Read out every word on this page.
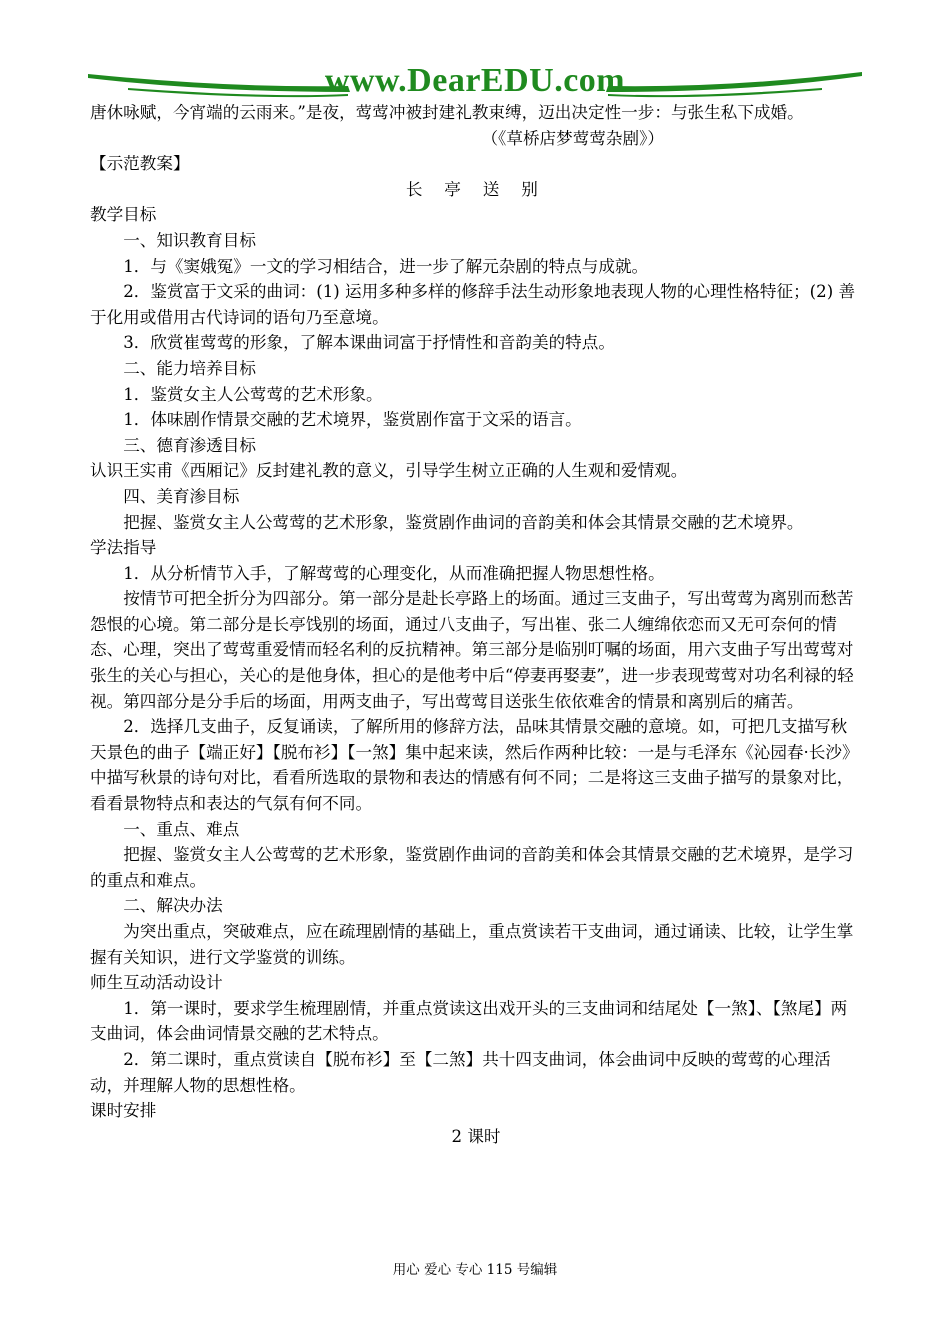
www.DearEDU.com

唐休咏赋，今宵端的云雨来。”是夜，莺莺冲被封建礼教束缚，迈出决定性一步：与张生私下成婚。

（《草桥店梦莺莺杂剧》）

【示范教案】

长 亭 送 别

教学目标

一、知识教育目标

1．与《窦娥冤》一文的学习相结合，进一步了解元杂剧的特点与成就。

2．鉴赏富于文采的曲词：(1) 运用多种多样的修辞手法生动形象地表现人物的心理性格特征；(2) 善于化用或借用古代诗词的语句乃至意境。

3．欣赏崔莺莺的形象，了解本课曲词富于抒情性和音韵美的特点。

二、能力培养目标

1．鉴赏女主人公莺莺的艺术形象。

1．体味剧作情景交融的艺术境界，鉴赏剧作富于文采的语言。

三、德育渗透目标

认识王实甫《西厢记》反封建礼教的意义，引导学生树立正确的人生观和爱情观。

四、美育渗目标

把握、鉴赏女主人公莺莺的艺术形象，鉴赏剧作曲词的音韵美和体会其情景交融的艺术境界。

学法指导

1．从分析情节入手，了解莺莺的心理变化，从而准确把握人物思想性格。

按情节可把全折分为四部分。第一部分是赴长亭路上的场面。通过三支曲子，写出莺莺为离别而愁苦怨恨的心境。第二部分是长亭饯别的场面，通过八支曲子，写出崔、张二人缠绵依恋而又无可奈何的情态、心理，突出了莺莺重爱情而轻名利的反抗精神。第三部分是临别叮嘱的场面，用六支曲子写出莺莺对张生的关心与担心，关心的是他身体，担心的是他考中后“停妻再娶妻”，进一步表现莺莺对功名利禄的轻视。第四部分是分手后的场面，用两支曲子，写出莺莺目送张生依依难舍的情景和离别后的痛苦。

2．选择几支曲子，反复诵读，了解所用的修辞方法，品味其情景交融的意境。如，可把几支描写秋天景色的曲子【端正好】【脱布衫】【一煞】集中起来读，然后作两种比较：一是与毛泽东《沁园春·长沙》中描写秋景的诗句对比，看看所选取的景物和表达的情感有何不同；二是将这三支曲子描写的景象对比，看看景物特点和表达的气氛有何不同。

一、重点、难点

把握、鉴赏女主人公莺莺的艺术形象，鉴赏剧作曲词的音韵美和体会其情景交融的艺术境界，是学习的重点和难点。

二、解决办法

为突出重点，突破难点，应在疏理剧情的基础上，重点赏读若干支曲词，通过诵读、比较，让学生掌握有关知识，进行文学鉴赏的训练。

师生互动活动设计

1．第一课时，要求学生梳理剧情，并重点赏读这出戏开头的三支曲词和结尾处【一煞】、【煞尾】两支曲词，体会曲词情景交融的艺术特点。

2．第二课时，重点赏读自【脱布衫】至【二煞】共十四支曲词，体会曲词中反映的莺莺的心理活动，并理解人物的思想性格。

课时安排

2 课时

用心 爱心 专心 115 号编辑
